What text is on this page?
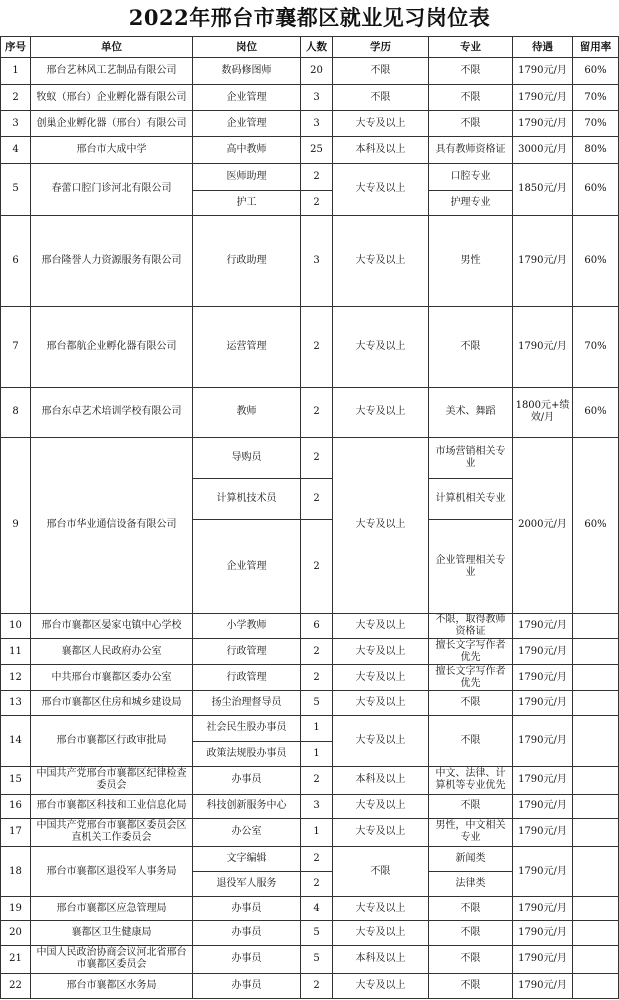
2022年邢台市襄都区就业见习岗位表
序号	单位	岗位	人数	学历	专业	待遇	留用率
1	邢台艺林风工艺制品有限公司	数码修图师	20	不限	不限	1790元/月	60%
2	牧蚁（邢台）企业孵化器有限公司	企业管理	3	不限	不限	1790元/月	70%
3	创巢企业孵化器（邢台）有限公司	企业管理	3	大专及以上	不限	1790元/月	70%
4	邢台市大成中学	高中教师	25	本科及以上	具有教师资格证	3000元/月	80%
5	春蕾口腔门诊河北有限公司	医师助理	2	大专及以上	口腔专业	1850元/月	60%
		护工	2		护理专业		
6	邢台隆誉人力资源服务有限公司	行政助理	3	大专及以上	男性	1790元/月	60%
7	邢台都航企业孵化器有限公司	运营管理	2	大专及以上	不限	1790元/月	70%
8	邢台东卓艺术培训学校有限公司	教师	2	大专及以上	美术、舞蹈	1800元+绩效/月	60%
9	邢台市华业通信设备有限公司	导购员	2	大专及以上	市场营销相关专业	2000元/月	60%
		计算机技术员	2		计算机相关专业		
		企业管理	2		企业管理相关专业		
10	邢台市襄都区晏家屯镇中心学校	小学教师	6	大专及以上	不限，取得教师资格证	1790元/月	
11	襄都区人民政府办公室	行政管理	2	大专及以上	擅长文字写作者优先	1790元/月	
12	中共邢台市襄都区委办公室	行政管理	2	大专及以上	擅长文字写作者优先	1790元/月	
13	邢台市襄都区住房和城乡建设局	扬尘治理督导员	5	大专及以上	不限	1790元/月	
14	邢台市襄都区行政审批局	社会民生股办事员	1	大专及以上	不限	1790元/月	
		政策法规股办事员	1				
15	中国共产党邢台市襄都区纪律检查委员会	办事员	2	本科及以上	中文、法律、计算机等专业优先	1790元/月	
16	邢台市襄都区科技和工业信息化局	科技创新服务中心	3	大专及以上	不限	1790元/月	
17	中国共产党邢台市襄都区委员会区直机关工作委员会	办公室	1	大专及以上	男性，中文相关专业	1790元/月	
18	邢台市襄都区退役军人事务局	文字编辑	2	不限	新闻类	1790元/月	
		退役军人服务	2		法律类		
19	邢台市襄都区应急管理局	办事员	4	大专及以上	不限	1790元/月	
20	襄都区卫生健康局	办事员	5	大专及以上	不限	1790元/月	
21	中国人民政治协商会议河北省邢台市襄都区委员会	办事员	5	本科及以上	不限	1790元/月	
22	邢台市襄都区水务局	办事员	2	大专及以上	不限	1790元/月	
